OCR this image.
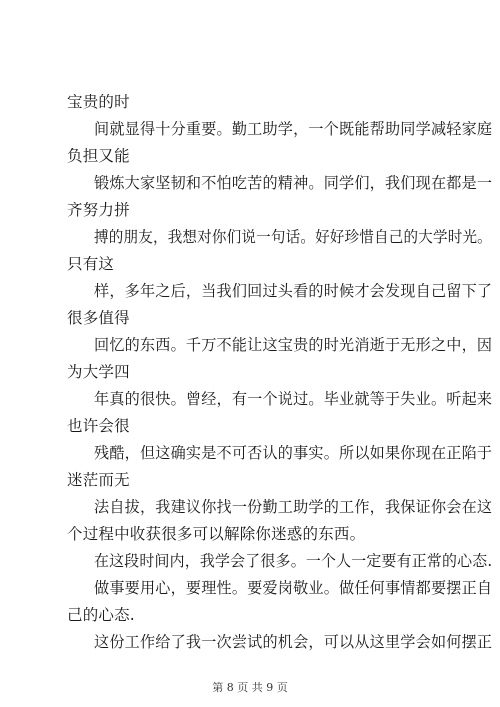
宝贵的时
间就显得十分重要。勤工助学，一个既能帮助同学减轻家庭
负担又能
锻炼大家坚韧和不怕吃苦的精神。同学们，我们现在都是一
齐努力拼
搏的朋友，我想对你们说一句话。好好珍惜自己的大学时光。
只有这
样，多年之后，当我们回过头看的时候才会发现自己留下了
很多值得
回忆的东西。千万不能让这宝贵的时光消逝于无形之中，因
为大学四
年真的很快。曾经，有一个说过。毕业就等于失业。听起来
也许会很
残酷，但这确实是不可否认的事实。所以如果你现在正陷于
迷茫而无
法自拔，我建议你找一份勤工助学的工作，我保证你会在这
个过程中收获很多可以解除你迷惑的东西。
在这段时间内，我学会了很多。一个人一定要有正常的心态.
做事要用心，要理性。要爱岗敬业。做任何事情都要摆正自
己的心态.
这份工作给了我一次尝试的机会，可以从这里学会如何摆正
第 8 页 共 9 页
